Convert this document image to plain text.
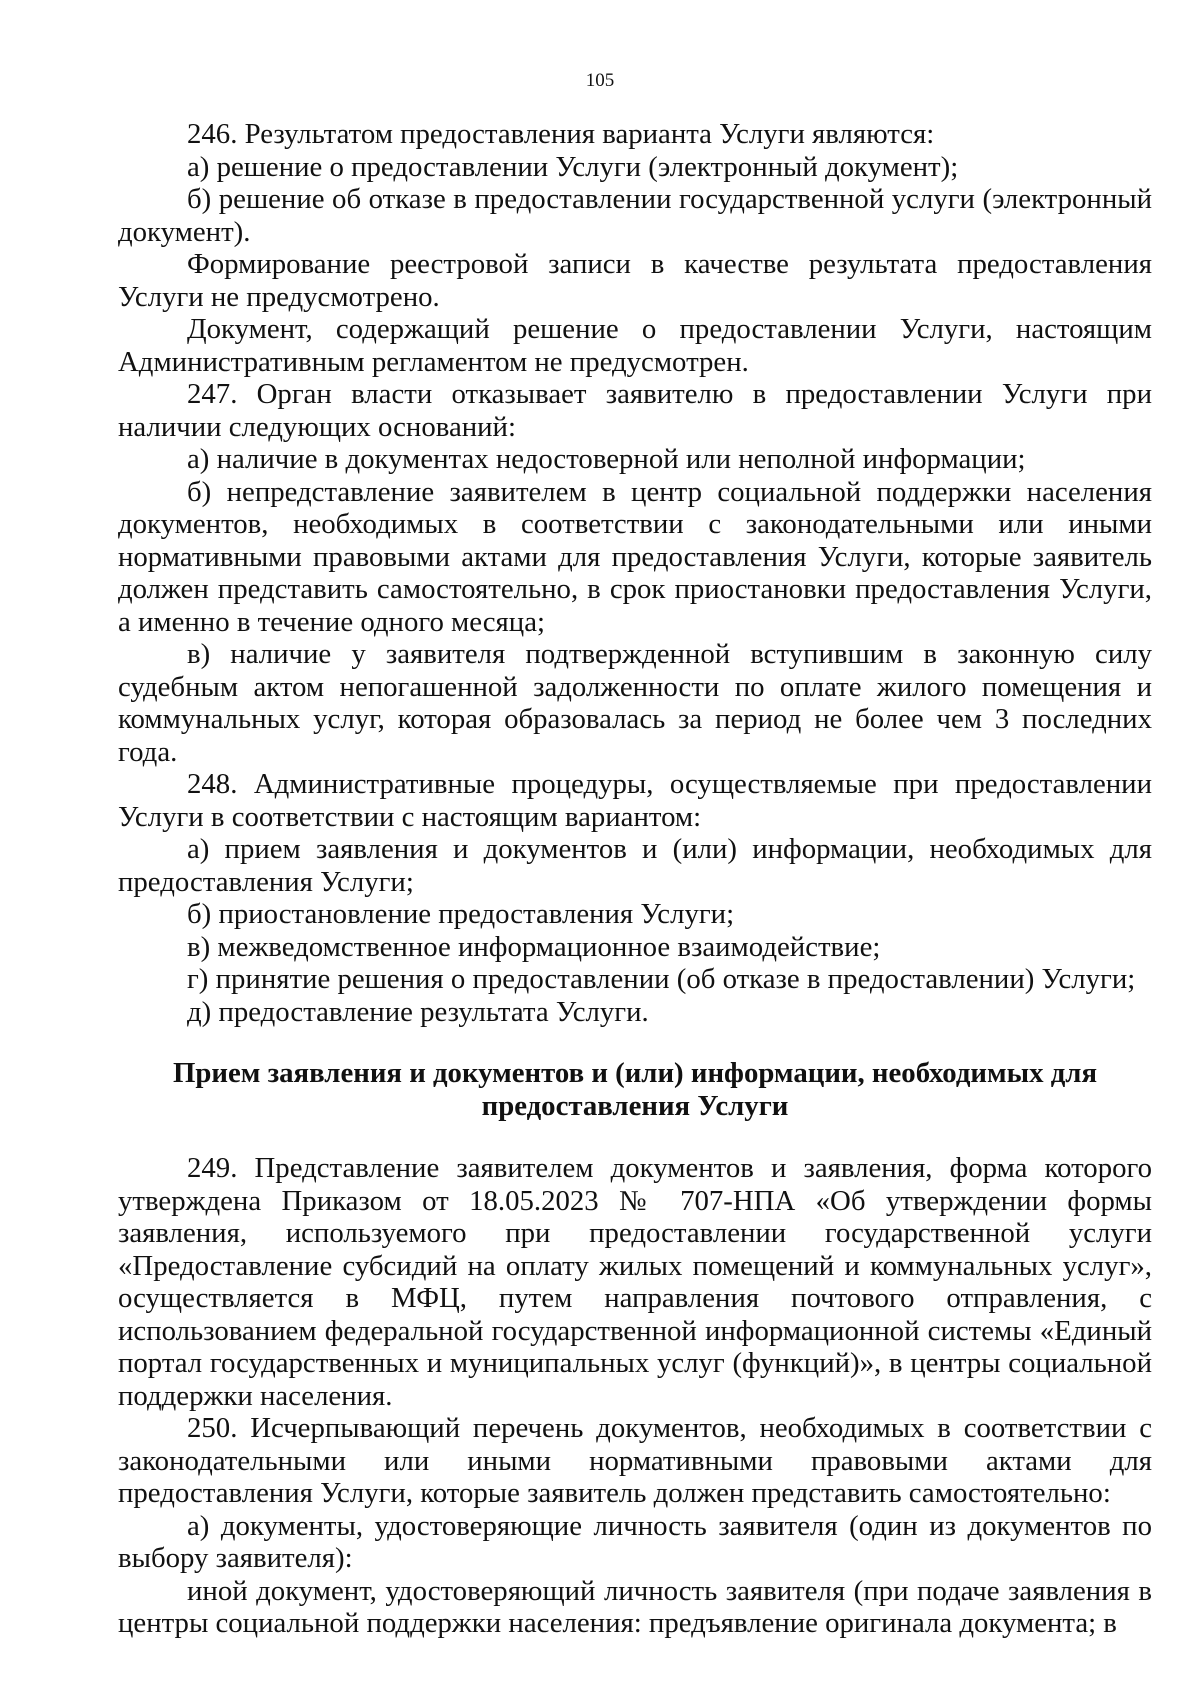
105

246. Результатом предоставления варианта Услуги являются:

а) решение о предоставлении Услуги (электронный документ);

б) решение об отказе в предоставлении государственной услуги (электронный документ).

Формирование реестровой записи в качестве результата предоставления Услуги не предусмотрено.

Документ, содержащий решение о предоставлении Услуги, настоящим Административным регламентом не предусмотрен.

247. Орган власти отказывает заявителю в предоставлении Услуги при наличии следующих оснований:

а) наличие в документах недостоверной или неполной информации;

б) непредставление заявителем в центр социальной поддержки населения документов, необходимых в соответствии с законодательными или иными нормативными правовыми актами для предоставления Услуги, которые заявитель должен представить самостоятельно, в срок приостановки предоставления Услуги, а именно в течение одного месяца;

в) наличие у заявителя подтвержденной вступившим в законную силу судебным актом непогашенной задолженности по оплате жилого помещения и коммунальных услуг, которая образовалась за период не более чем 3 последних года.

248. Административные процедуры, осуществляемые при предоставлении Услуги в соответствии с настоящим вариантом:

а) прием заявления и документов и (или) информации, необходимых для предоставления Услуги;

б) приостановление предоставления Услуги;

в) межведомственное информационное взаимодействие;

г) принятие решения о предоставлении (об отказе в предоставлении) Услуги;

д) предоставление результата Услуги.

Прием заявления и документов и (или) информации, необходимых для предоставления Услуги

249. Представление заявителем документов и заявления, форма которого утверждена Приказом от 18.05.2023 № 707-НПА «Об утверждении формы заявления, используемого при предоставлении государственной услуги «Предоставление субсидий на оплату жилых помещений и коммунальных услуг», осуществляется в МФЦ, путем направления почтового отправления, с использованием федеральной государственной информационной системы «Единый портал государственных и муниципальных услуг (функций)», в центры социальной поддержки населения.

250. Исчерпывающий перечень документов, необходимых в соответствии с законодательными или иными нормативными правовыми актами для предоставления Услуги, которые заявитель должен представить самостоятельно:

а) документы, удостоверяющие личность заявителя (один из документов по выбору заявителя):

иной документ, удостоверяющий личность заявителя (при подаче заявления в центры социальной поддержки населения: предъявление оригинала документа; в
